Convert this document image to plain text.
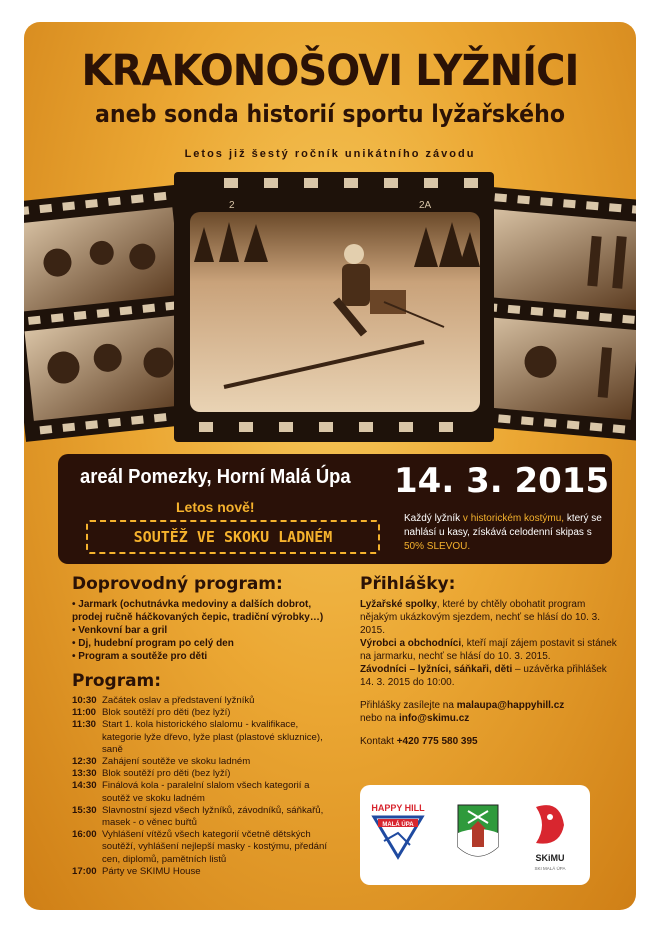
KRAKONOŠOVI LYŽNÍCI
aneb sonda historií sportu lyžařského
Letos již šestý ročník unikátního závodu
2	2A
areál Pomezky, Horní Malá Úpa 14. 3. 2015
Letos nově!
SOUTĚŽ VE SKOKU LADNÉM
Každý lyžník v historickém kostýmu, který se nahlásí u kasy, získává celodenní skipas s 50% SLEVOU.
Doprovodný program:
• Jarmark (ochutnávka medoviny a dalších dobrot, prodej ručně háčkovaných čepic, tradiční výrobky…)
• Venkovní bar a gril
• Dj, hudební program po celý den
• Program a soutěže pro děti
Program:
10:30 Začátek oslav a představení lyžníků
11:00 Blok soutěží pro děti (bez lyží)
11:30 Start 1. kola historického slalomu - kvalifikace, kategorie lyže dřevo, lyže plast (plastové skluznice), saně
12:30 Zahájení soutěže ve skoku ladném
13:30 Blok soutěží pro děti (bez lyží)
14:30 Finálová kola - paralelní slalom všech kategorií a soutěž ve skoku ladném
15:30 Slavnostní sjezd všech lyžníků, závodníků, sáňkařů, masek - o věnec buřtů
16:00 Vyhlášení vítězů všech kategorií včetně dětských soutěží, vyhlášení nejlepší masky - kostýmu, předání cen, diplomů, pamětních listů
17:00 Párty ve SKIMU House
Přihlášky:
Lyžařské spolky, které by chtěly obohatit program nějakým ukázkovým sjezdem, nechť se hlásí do 10. 3. 2015.
Výrobci a obchodníci, kteří mají zájem postavit si stánek na jarmarku, nechť se hlásí do 10. 3. 2015.
Závodníci – lyžníci, sáňkaři, děti – uzávěrka přihlášek 14. 3. 2015 do 10:00.
Přihlášky zasílejte na malaupa@happyhill.cz
nebo na info@skimu.cz
Kontakt +420 775 580 395
HAPPY HILL
MALÁ ÚPA
SKiMU
SKI MALÁ ÚPA
